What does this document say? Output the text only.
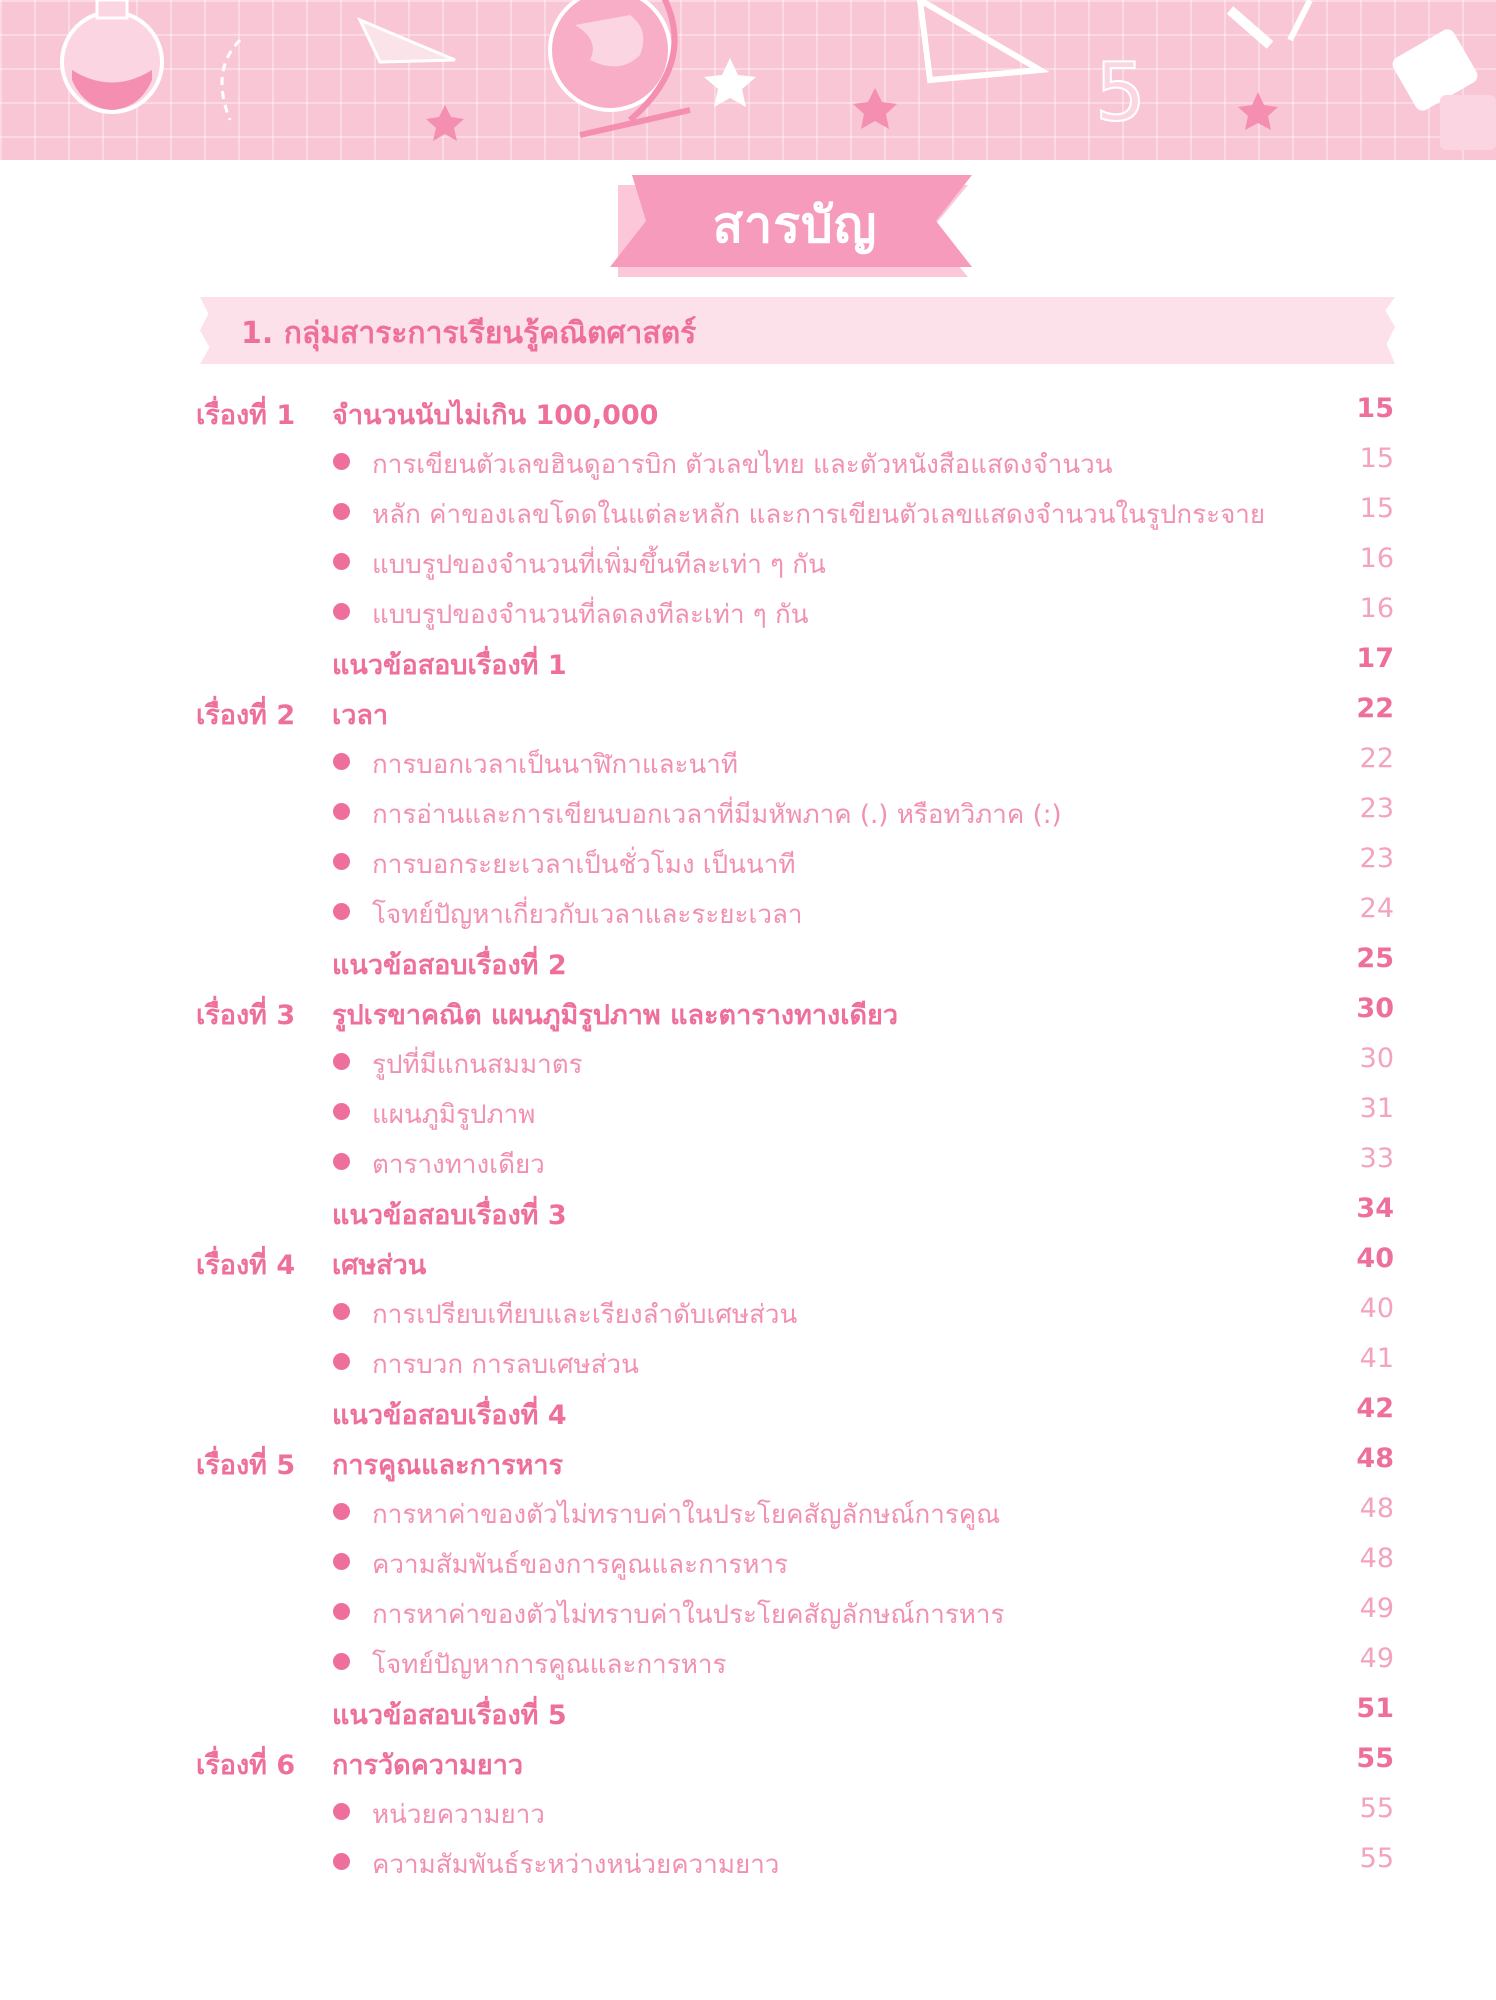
5
สารบัญ
1. กลุ่มสาระการเรียนรู้คณิตศาสตร์
เรื่องที่ 1 จำนวนนับไม่เกิน 100,000	15
การเขียนตัวเลขฮินดูอารบิก ตัวเลขไทย และตัวหนังสือแสดงจำนวน	15
หลัก ค่าของเลขโดดในแต่ละหลัก และการเขียนตัวเลขแสดงจำนวนในรูปกระจาย	15
แบบรูปของจำนวนที่เพิ่มขึ้นทีละเท่า ๆ กัน	16
แบบรูปของจำนวนที่ลดลงทีละเท่า ๆ กัน	16
แนวข้อสอบเรื่องที่ 1	17
เรื่องที่ 2 เวลา	22
การบอกเวลาเป็นนาฬิกาและนาที	22
การอ่านและการเขียนบอกเวลาที่มีมหัพภาค (.) หรือทวิภาค (:)	23
การบอกระยะเวลาเป็นชั่วโมง เป็นนาที	23
โจทย์ปัญหาเกี่ยวกับเวลาและระยะเวลา	24
แนวข้อสอบเรื่องที่ 2	25
เรื่องที่ 3 รูปเรขาคณิต แผนภูมิรูปภาพ และตารางทางเดียว	30
รูปที่มีแกนสมมาตร	30
แผนภูมิรูปภาพ	31
ตารางทางเดียว	33
แนวข้อสอบเรื่องที่ 3	34
เรื่องที่ 4 เศษส่วน	40
การเปรียบเทียบและเรียงลำดับเศษส่วน	40
การบวก การลบเศษส่วน	41
แนวข้อสอบเรื่องที่ 4	42
เรื่องที่ 5 การคูณและการหาร	48
การหาค่าของตัวไม่ทราบค่าในประโยคสัญลักษณ์การคูณ	48
ความสัมพันธ์ของการคูณและการหาร	48
การหาค่าของตัวไม่ทราบค่าในประโยคสัญลักษณ์การหาร	49
โจทย์ปัญหาการคูณและการหาร	49
แนวข้อสอบเรื่องที่ 5	51
เรื่องที่ 6 การวัดความยาว	55
หน่วยความยาว	55
ความสัมพันธ์ระหว่างหน่วยความยาว	55
